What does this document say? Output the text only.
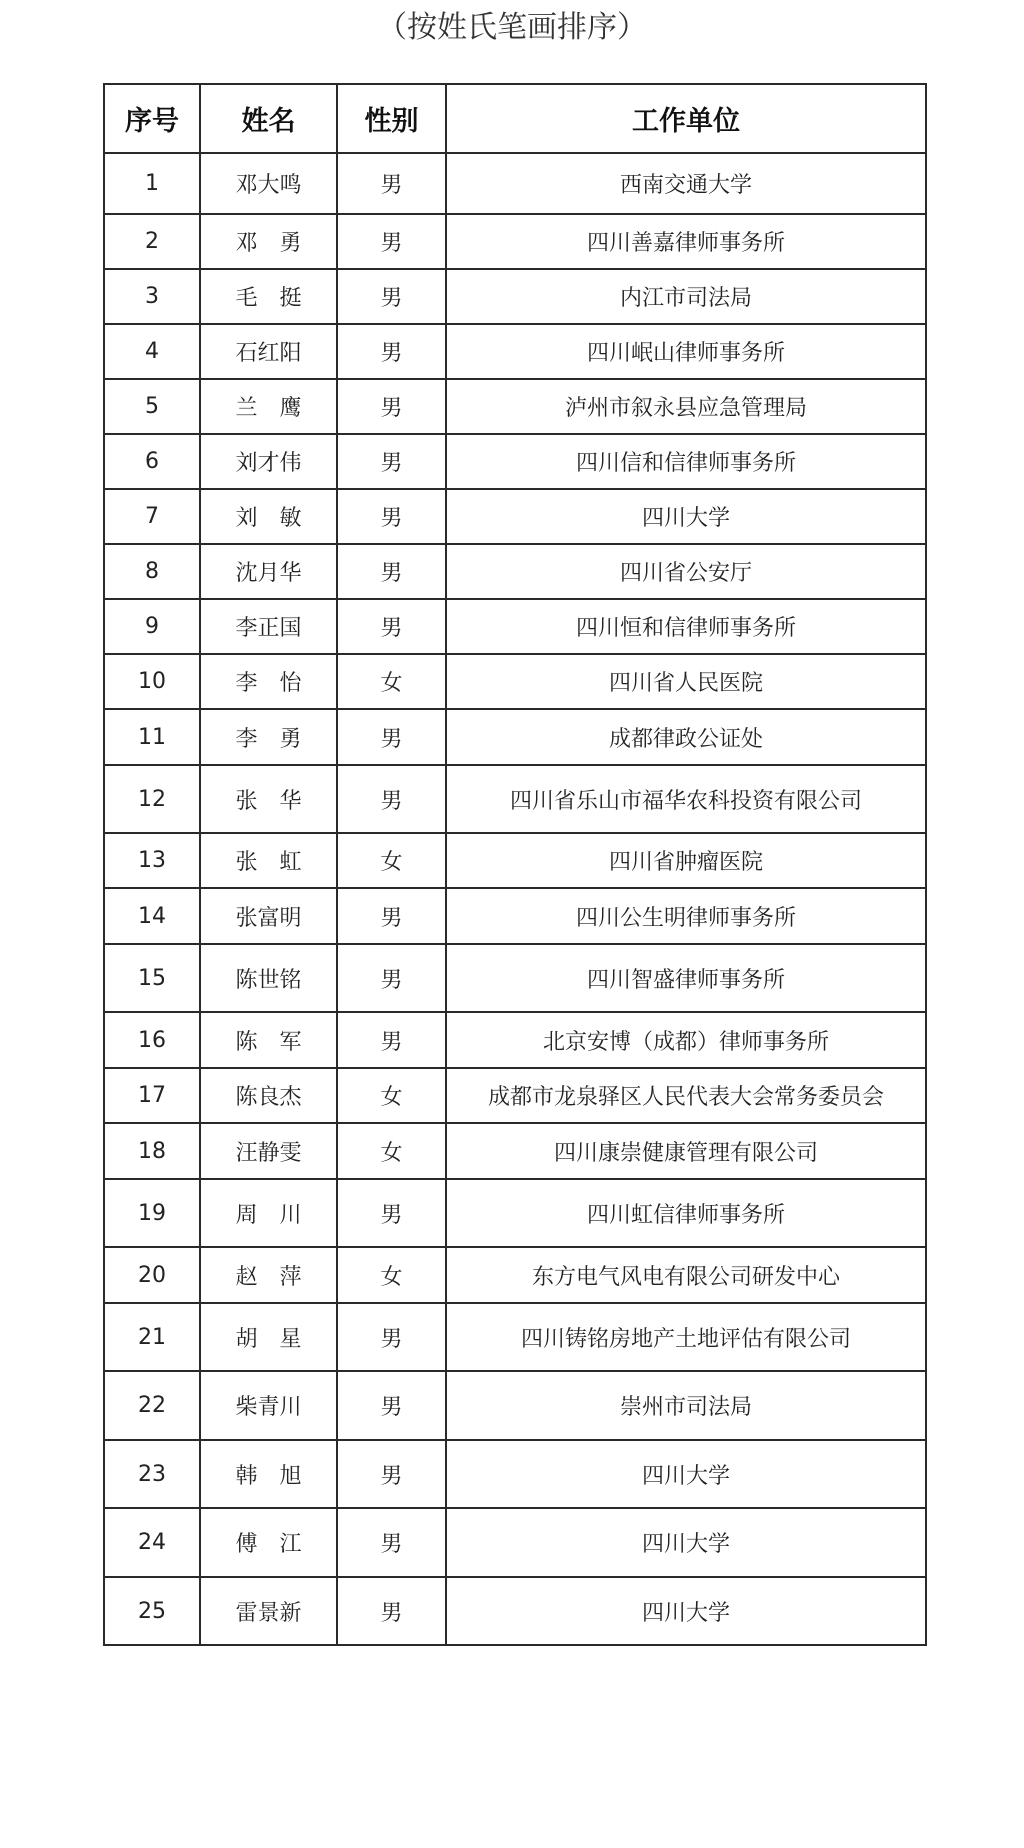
（按姓氏笔画排序）
序号	姓名	性别	工作单位
1	邓大鸣	男	西南交通大学
2	邓　勇	男	四川善嘉律师事务所
3	毛　挺	男	内江市司法局
4	石红阳	男	四川岷山律师事务所
5	兰　鹰	男	泸州市叙永县应急管理局
6	刘才伟	男	四川信和信律师事务所
7	刘　敏	男	四川大学
8	沈月华	男	四川省公安厅
9	李正国	男	四川恒和信律师事务所
10	李　怡	女	四川省人民医院
11	李　勇	男	成都律政公证处
12	张　华	男	四川省乐山市福华农科投资有限公司
13	张　虹	女	四川省肿瘤医院
14	张富明	男	四川公生明律师事务所
15	陈世铭	男	四川智盛律师事务所
16	陈　军	男	北京安博（成都）律师事务所
17	陈良杰	女	成都市龙泉驿区人民代表大会常务委员会
18	汪静雯	女	四川康崇健康管理有限公司
19	周　川	男	四川虹信律师事务所
20	赵　萍	女	东方电气风电有限公司研发中心
21	胡　星	男	四川铸铭房地产土地评估有限公司
22	柴青川	男	崇州市司法局
23	韩　旭	男	四川大学
24	傅　江	男	四川大学
25	雷景新	男	四川大学
